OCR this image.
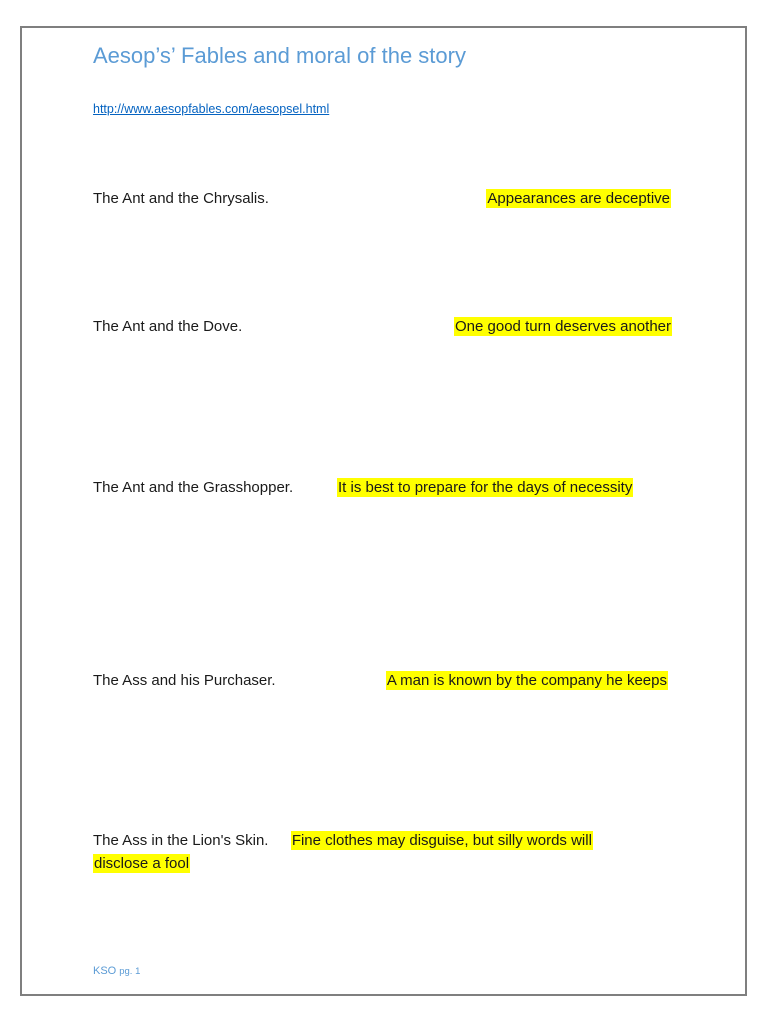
Aesop’s’ Fables and moral of the story
http://www.aesopfables.com/aesopsel.html
The Ant and the Chrysalis.	Appearances are deceptive
The Ant and the Dove.	One good turn deserves another
The Ant and the Grasshopper.	It is best to prepare for the days of necessity
The Ass and his Purchaser.	A man is known by the company he keeps
The Ass in the Lion's Skin. Fine clothes may disguise, but silly words will
disclose a fool
KSO pg. 1
